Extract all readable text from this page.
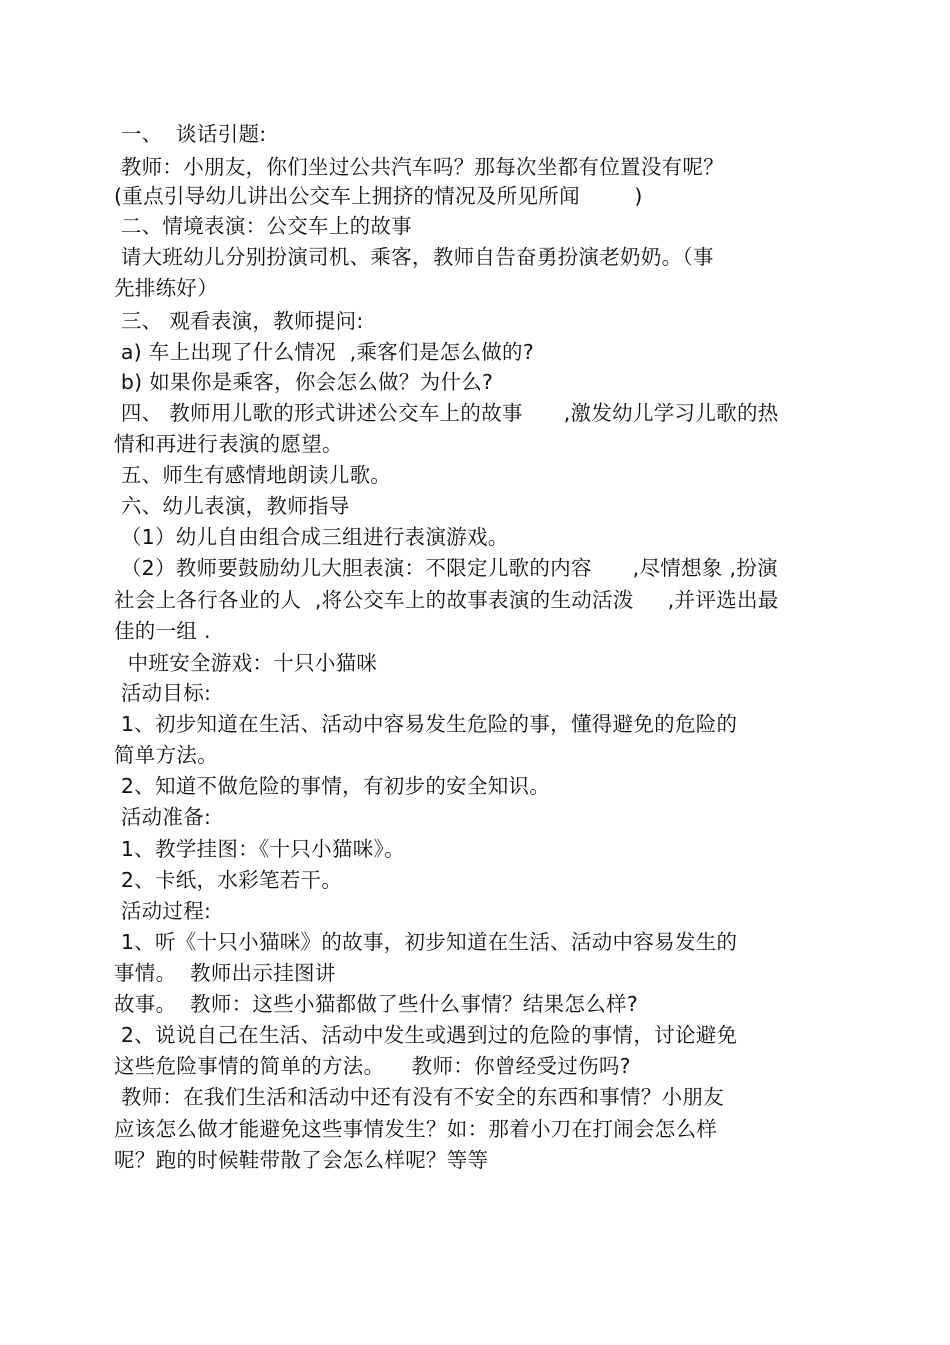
一、  谈话引题:
教师：小朋友，你们坐过公共汽车吗？那每次坐都有位置没有呢？
(重点引导幼儿讲出公交车上拥挤的情况及所见所闻        )
二、情境表演：公交车上的故事
请大班幼儿分别扮演司机、乘客，教师自告奋勇扮演老奶奶。（事
先排练好）
三、 观看表演，教师提问:
a) 车上出现了什么情况  ,乘客们是怎么做的?
b) 如果你是乘客，你会怎么做？为什么?
四、 教师用儿歌的形式讲述公交车上的故事      ,激发幼儿学习儿歌的热
情和再进行表演的愿望。
五、师生有感情地朗读儿歌。
六、幼儿表演，教师指导
（1）幼儿自由组合成三组进行表演游戏。
（2）教师要鼓励幼儿大胆表演：不限定儿歌的内容      ,尽情想象 ,扮演
社会上各行各业的人  ,将公交车上的故事表演的生动活泼     ,并评选出最
佳的一组 .
中班安全游戏：十只小猫咪
活动目标:
1、初步知道在生活、活动中容易发生危险的事，懂得避免的危险的
简单方法。
2、知道不做危险的事情，有初步的安全知识。
活动准备:
1、教学挂图：《十只小猫咪》。
2、卡纸，水彩笔若干。
活动过程:
1、听《十只小猫咪》的故事，初步知道在生活、活动中容易发生的
事情。  教师出示挂图讲
故事。  教师：这些小猫都做了些什么事情？结果怎么样?
2、说说自己在生活、活动中发生或遇到过的危险的事情，讨论避免
这些危险事情的简单的方法。    教师：你曾经受过伤吗?
教师：在我们生活和活动中还有没有不安全的东西和事情？小朋友
应该怎么做才能避免这些事情发生？如：那着小刀在打闹会怎么样
呢？跑的时候鞋带散了会怎么样呢？等等
